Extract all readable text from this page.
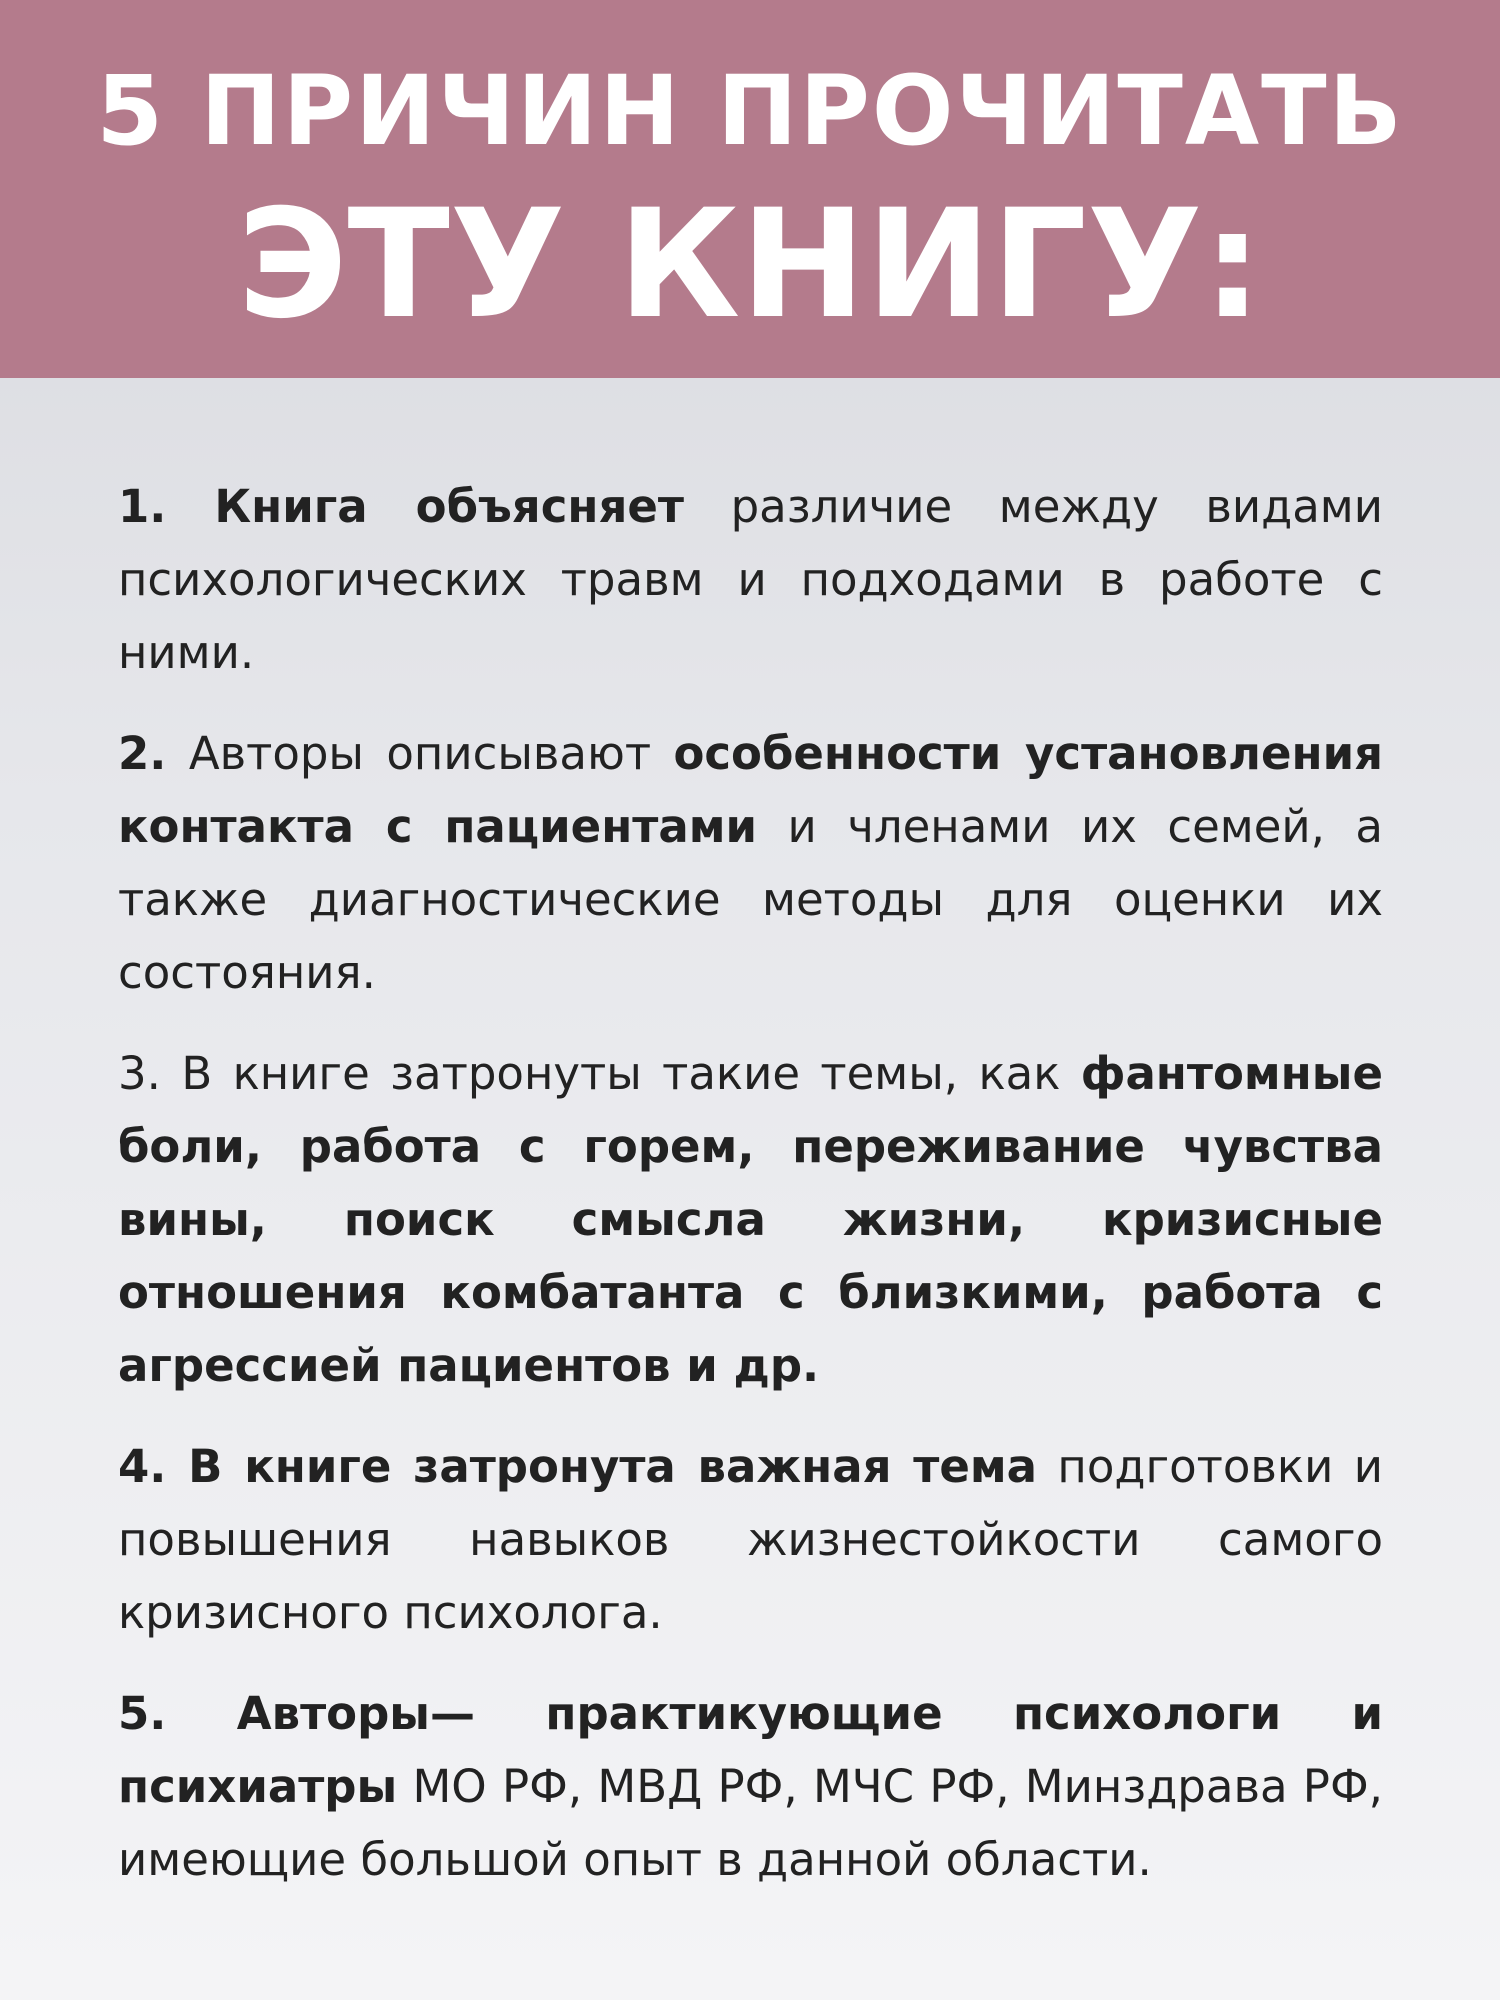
5 ПРИЧИН ПРОЧИТАТЬ
ЭТУ КНИГУ:

1. Книга объясняет различие между видами психологических травм и подходами в работе с ними.

2. Авторы описывают особенности установления контакта с пациентами и членами их семей, а также диагностические методы для оценки их состояния.

3. В книге затронуты такие темы, как фантомные боли, работа с горем, переживание чувства вины, поиск смысла жизни, кризисные отношения комбатанта с близкими, работа с агрессией пациентов и др.

4. В книге затронута важная тема подготовки и повышения навыков жизнестойкости самого кризисного психолога.

5. Авторы— практикующие психологи и психиатры МО РФ, МВД РФ, МЧС РФ, Минздрава РФ, имеющие большой опыт в данной области.
